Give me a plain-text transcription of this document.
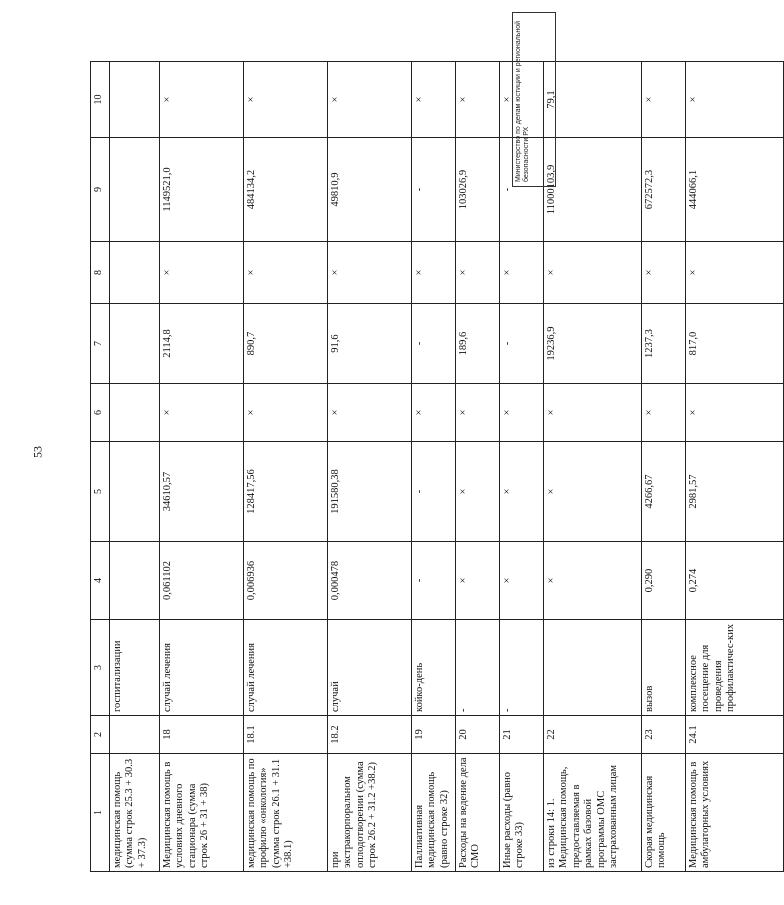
53
1	2	3	4	5	6	7	8	9	10
медицинская помощь (сумма строк 25.3 + 30.3 + 37.3)		госпитализации							
Медицинская помощь в условиях дневного стационара (сумма строк 26 + 31 + 38)	18	случай лечения	0,061102	34610,57	×	2114,8	×	1149521,0	×
медицинская помощь по профилю «онкология» (сумма строк 26.1 + 31.1 +38.1)	18.1	случай лечения	0,006936	128417,56	×	890,7	×	484134,2	×
при экстракорпоральном оплодотворении (сумма строк 26.2 + 31.2 +38.2)	18.2	случай	0,000478	191580,38	×	91,6	×	49810,9	×
Паллиативная медицинская помощь (равно строке 32)	19	койко-день	-	-	×	-	×	-	×
Расходы на ведение дела СМО	20	-	×	×	×	189,6	×	103026,9	×
Иные расходы (равно строке 33)	21	-	×	×	×	-	×	-	×
из строки 14: 1. Медицинская помощь, предоставляемая в рамках базовой программы ОМС застрахованным лицам	22		×	×	×	19236,9	×	11000103,9	79,1
Скорая медицинская помощь	23	вызов	0,290	4266,67	×	1237,3	×	672572,3	×
Медицинская помощь в амбулаторных условиях	24.1	комплексное посещение для проведения профилактичес-ких	0,274	2981,57	×	817,0	×	444066,1	×
Министерство по делам юстиции и региональной безопасности РХ
